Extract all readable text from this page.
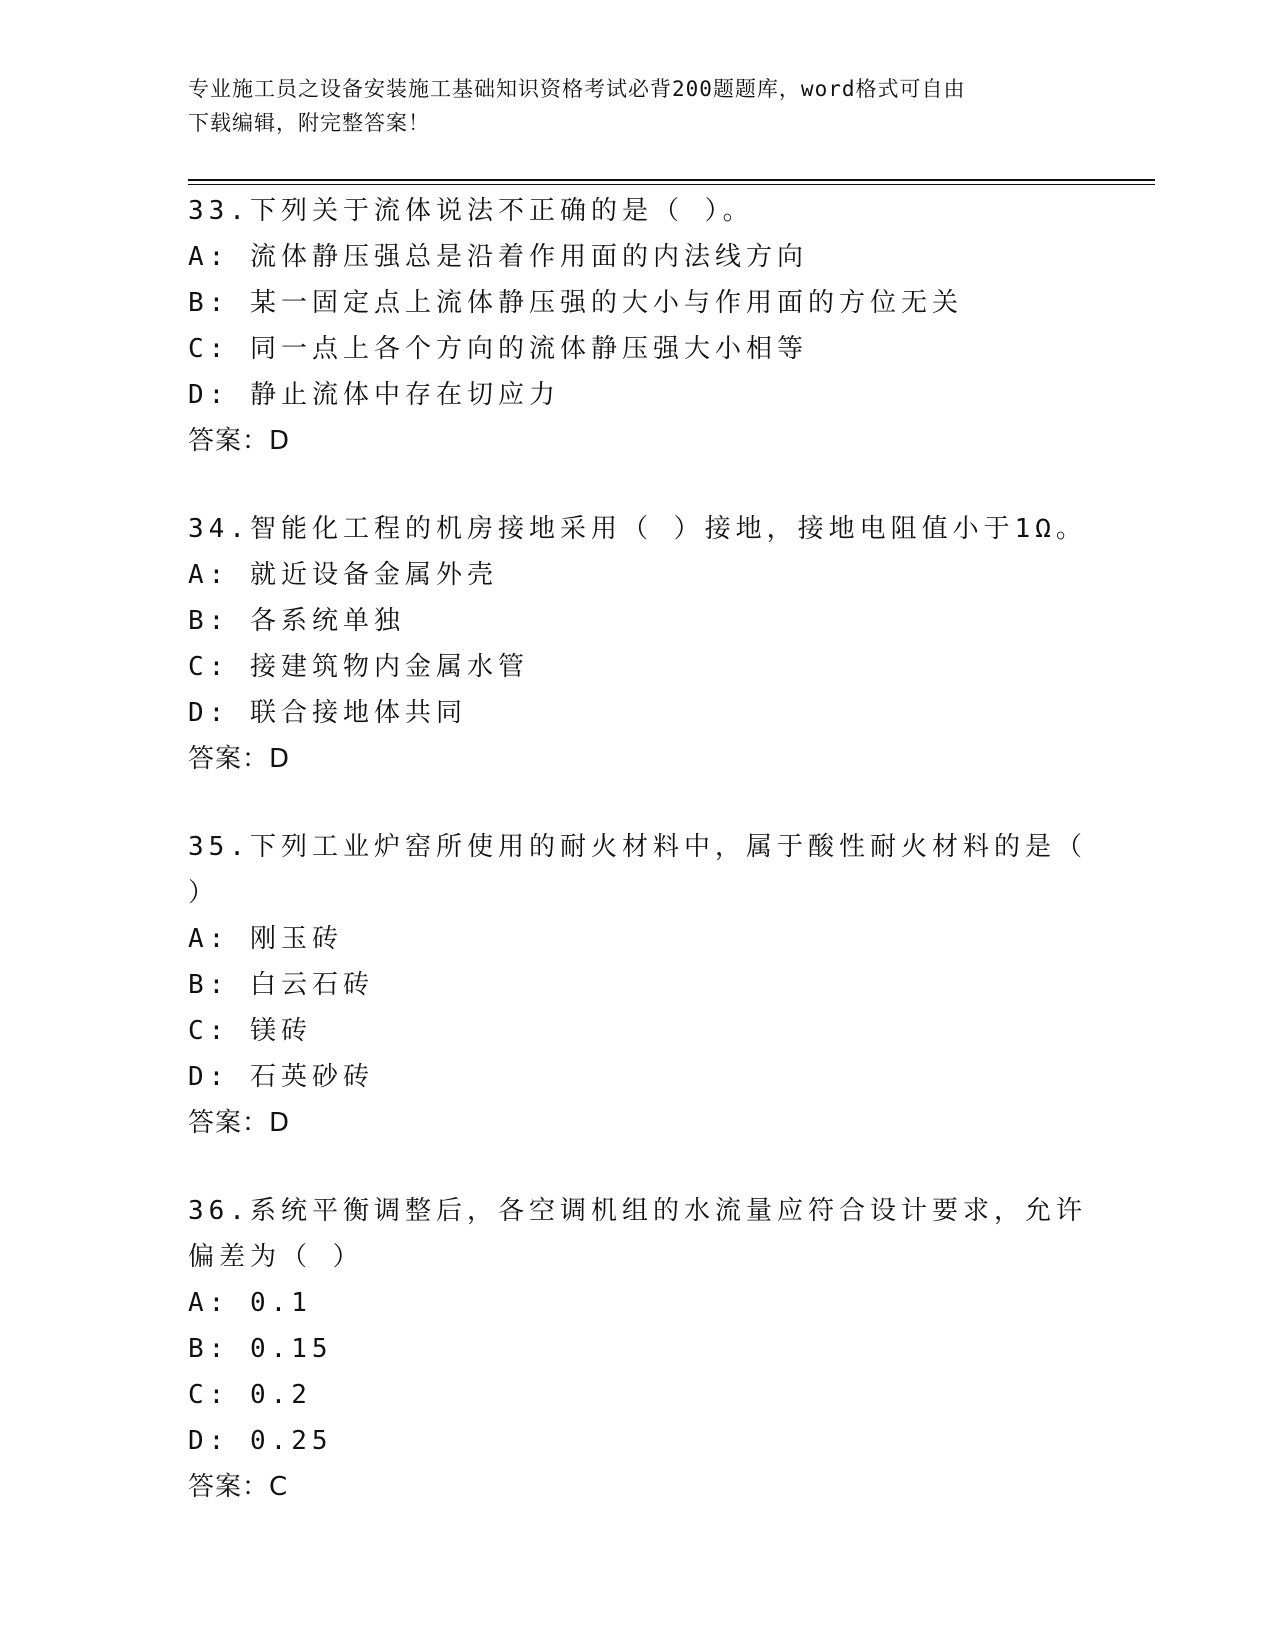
专业施工员之设备安装施工基础知识资格考试必背200题题库，word格式可自由
下载编辑，附完整答案！
33.下列关于流体说法不正确的是（ ）。
A: 流体静压强总是沿着作用面的内法线方向
B: 某一固定点上流体静压强的大小与作用面的方位无关
C: 同一点上各个方向的流体静压强大小相等
D: 静止流体中存在切应力
答案：D
34.智能化工程的机房接地采用（ ）接地，接地电阻值小于1Ω。
A: 就近设备金属外壳
B: 各系统单独
C: 接建筑物内金属水管
D: 联合接地体共同
答案：D
35.下列工业炉窑所使用的耐火材料中，属于酸性耐火材料的是（ ）
A: 刚玉砖
B: 白云石砖
C: 镁砖
D: 石英砂砖
答案：D
36.系统平衡调整后，各空调机组的水流量应符合设计要求，允许偏差为（ ）
A: 0.1
B: 0.15
C: 0.2
D: 0.25
答案：C
